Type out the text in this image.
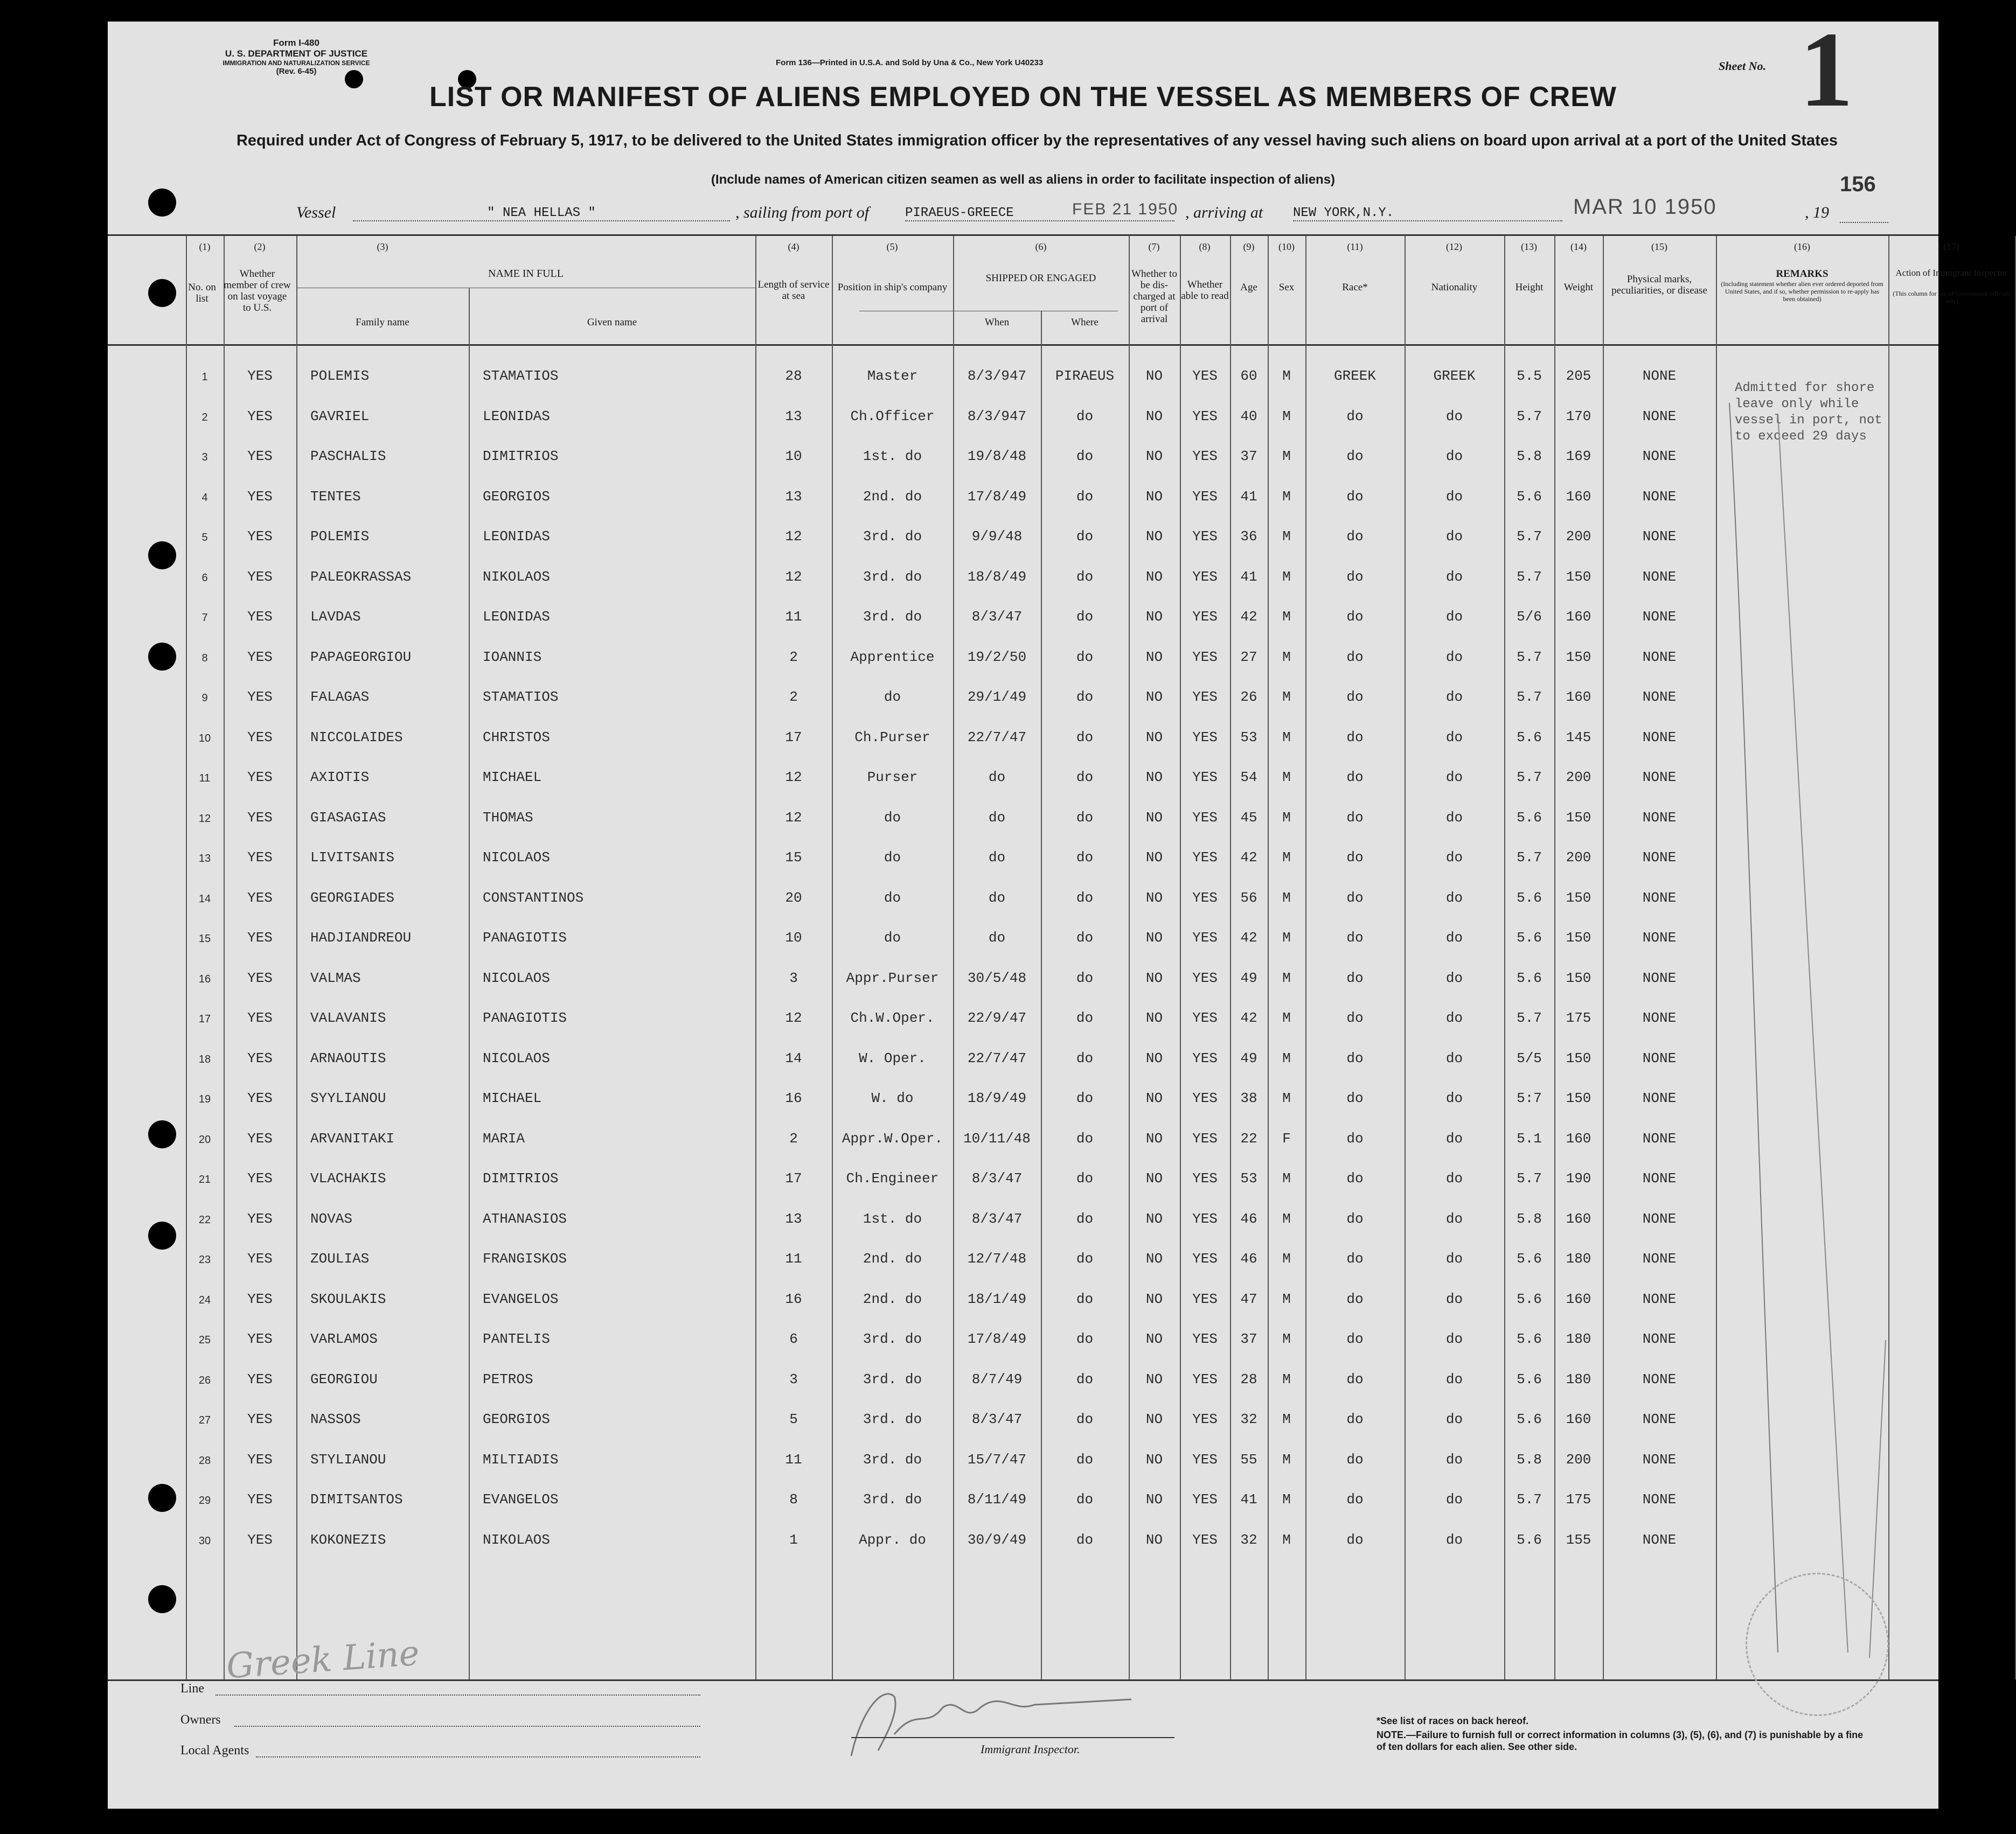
Form I-480
U. S. DEPARTMENT OF JUSTICE
IMMIGRATION AND NATURALIZATION SERVICE
(Rev. 6-45)
Form 136—Printed in U.S.A. and Sold by Una & Co., New York U40233	Sheet No. 1
LIST OR MANIFEST OF ALIENS EMPLOYED ON THE VESSEL AS MEMBERS OF CREW
Required under Act of Congress of February 5, 1917, to be delivered to the United States immigration officer by the representatives of any vessel having such aliens on board upon arrival at a port of the United States
(Include names of American citizen seamen as well as aliens in order to facilitate inspection of aliens)	156
Vessel	" NEA HELLAS "	, sailing from port of	PIRAEUS-GREECE	FEB 21 1950 , arriving at NEW YORK,N.Y.	MAR 10 1950	, 19
(1)	(2)	(3)	(4)	(5)	(6)	(7)	(8)	(9)	(10)	(11)	(12)	(13)	(14)	(15)	(16)	(17)
No. on list
Whether member of crew on last voyage to U.S.
NAME IN FULL
Family name	Given name
Length of service at sea
Position in ship's company
SHIPPED OR ENGAGED
When	Where
Whether to be dis-charged at port of arrival
Whether able to read
Age	Sex	Race*	Nationality	Height	Weight
Physical marks, peculiarities, or disease
REMARKS
(Including statement whether alien ever ordered deported from United States, and if so, whether permission to re-apply has been obtained)
Action of Immigrant Inspector
(This column for use of Government officials only)
1	YES	POLEMIS	STAMATIOS	28	Master	8/3/947	PIRAEUS	NO	YES	60	M	GREEK	GREEK	5.5	205	NONE
2	YES	GAVRIEL	LEONIDAS	13	Ch.Officer	8/3/947	do	NO	YES	40	M	do	do	5.7	170	NONE
3	YES	PASCHALIS	DIMITRIOS	10	1st. do	19/8/48	do	NO	YES	37	M	do	do	5.8	169	NONE
4	YES	TENTES	GEORGIOS	13	2nd. do	17/8/49	do	NO	YES	41	M	do	do	5.6	160	NONE
5	YES	POLEMIS	LEONIDAS	12	3rd. do	9/9/48	do	NO	YES	36	M	do	do	5.7	200	NONE
6	YES	PALEOKRASSAS	NIKOLAOS	12	3rd. do	18/8/49	do	NO	YES	41	M	do	do	5.7	150	NONE
7	YES	LAVDAS	LEONIDAS	11	3rd. do	8/3/47	do	NO	YES	42	M	do	do	5/6	160	NONE
8	YES	PAPAGEORGIOU	IOANNIS	2	Apprentice	19/2/50	do	NO	YES	27	M	do	do	5.7	150	NONE
9	YES	FALAGAS	STAMATIOS	2	do	29/1/49	do	NO	YES	26	M	do	do	5.7	160	NONE
10	YES	NICCOLAIDES	CHRISTOS	17	Ch.Purser	22/7/47	do	NO	YES	53	M	do	do	5.6	145	NONE
11	YES	AXIOTIS	MICHAEL	12	Purser	do	do	NO	YES	54	M	do	do	5.7	200	NONE
12	YES	GIASAGIAS	THOMAS	12	do	do	do	NO	YES	45	M	do	do	5.6	150	NONE
13	YES	LIVITSANIS	NICOLAOS	15	do	do	do	NO	YES	42	M	do	do	5.7	200	NONE
14	YES	GEORGIADES	CONSTANTINOS	20	do	do	do	NO	YES	56	M	do	do	5.6	150	NONE
15	YES	HADJIANDREOU	PANAGIOTIS	10	do	do	do	NO	YES	42	M	do	do	5.6	150	NONE
16	YES	VALMAS	NICOLAOS	3	Appr.Purser	30/5/48	do	NO	YES	49	M	do	do	5.6	150	NONE
17	YES	VALAVANIS	PANAGIOTIS	12	Ch.W.Oper.	22/9/47	do	NO	YES	42	M	do	do	5.7	175	NONE
18	YES	ARNAOUTIS	NICOLAOS	14	W. Oper.	22/7/47	do	NO	YES	49	M	do	do	5/5	150	NONE
19	YES	SYYLIANOU	MICHAEL	16	W. do	18/9/49	do	NO	YES	38	M	do	do	5:7	150	NONE
20	YES	ARVANITAKI	MARIA	2	Appr.W.Oper.	10/11/48	do	NO	YES	22	F	do	do	5.1	160	NONE
21	YES	VLACHAKIS	DIMITRIOS	17	Ch.Engineer	8/3/47	do	NO	YES	53	M	do	do	5.7	190	NONE
22	YES	NOVAS	ATHANASIOS	13	1st. do	8/3/47	do	NO	YES	46	M	do	do	5.8	160	NONE
23	YES	ZOULIAS	FRANGISKOS	11	2nd. do	12/7/48	do	NO	YES	46	M	do	do	5.6	180	NONE
24	YES	SKOULAKIS	EVANGELOS	16	2nd. do	18/1/49	do	NO	YES	47	M	do	do	5.6	160	NONE
25	YES	VARLAMOS	PANTELIS	6	3rd. do	17/8/49	do	NO	YES	37	M	do	do	5.6	180	NONE
26	YES	GEORGIOU	PETROS	3	3rd. do	8/7/49	do	NO	YES	28	M	do	do	5.6	180	NONE
27	YES	NASSOS	GEORGIOS	5	3rd. do	8/3/47	do	NO	YES	32	M	do	do	5.6	160	NONE
28	YES	STYLIANOU	MILTIADIS	11	3rd. do	15/7/47	do	NO	YES	55	M	do	do	5.8	200	NONE
29	YES	DIMITSANTOS	EVANGELOS	8	3rd. do	8/11/49	do	NO	YES	41	M	do	do	5.7	175	NONE
30	YES	KOKONEZIS	NIKOLAOS	1	Appr. do	30/9/49	do	NO	YES	32	M	do	do	5.6	155	NONE
Admitted for shore leave only while vessel in port, not to exceed 29 days
Line
Greek Line
Owners
Local Agents	Immigrant Inspector.
*See list of races on back hereof.
NOTE.—Failure to furnish full or correct information in columns (3), (5), (6), and (7) is punishable by a fine of ten dollars for each alien. See other side.
